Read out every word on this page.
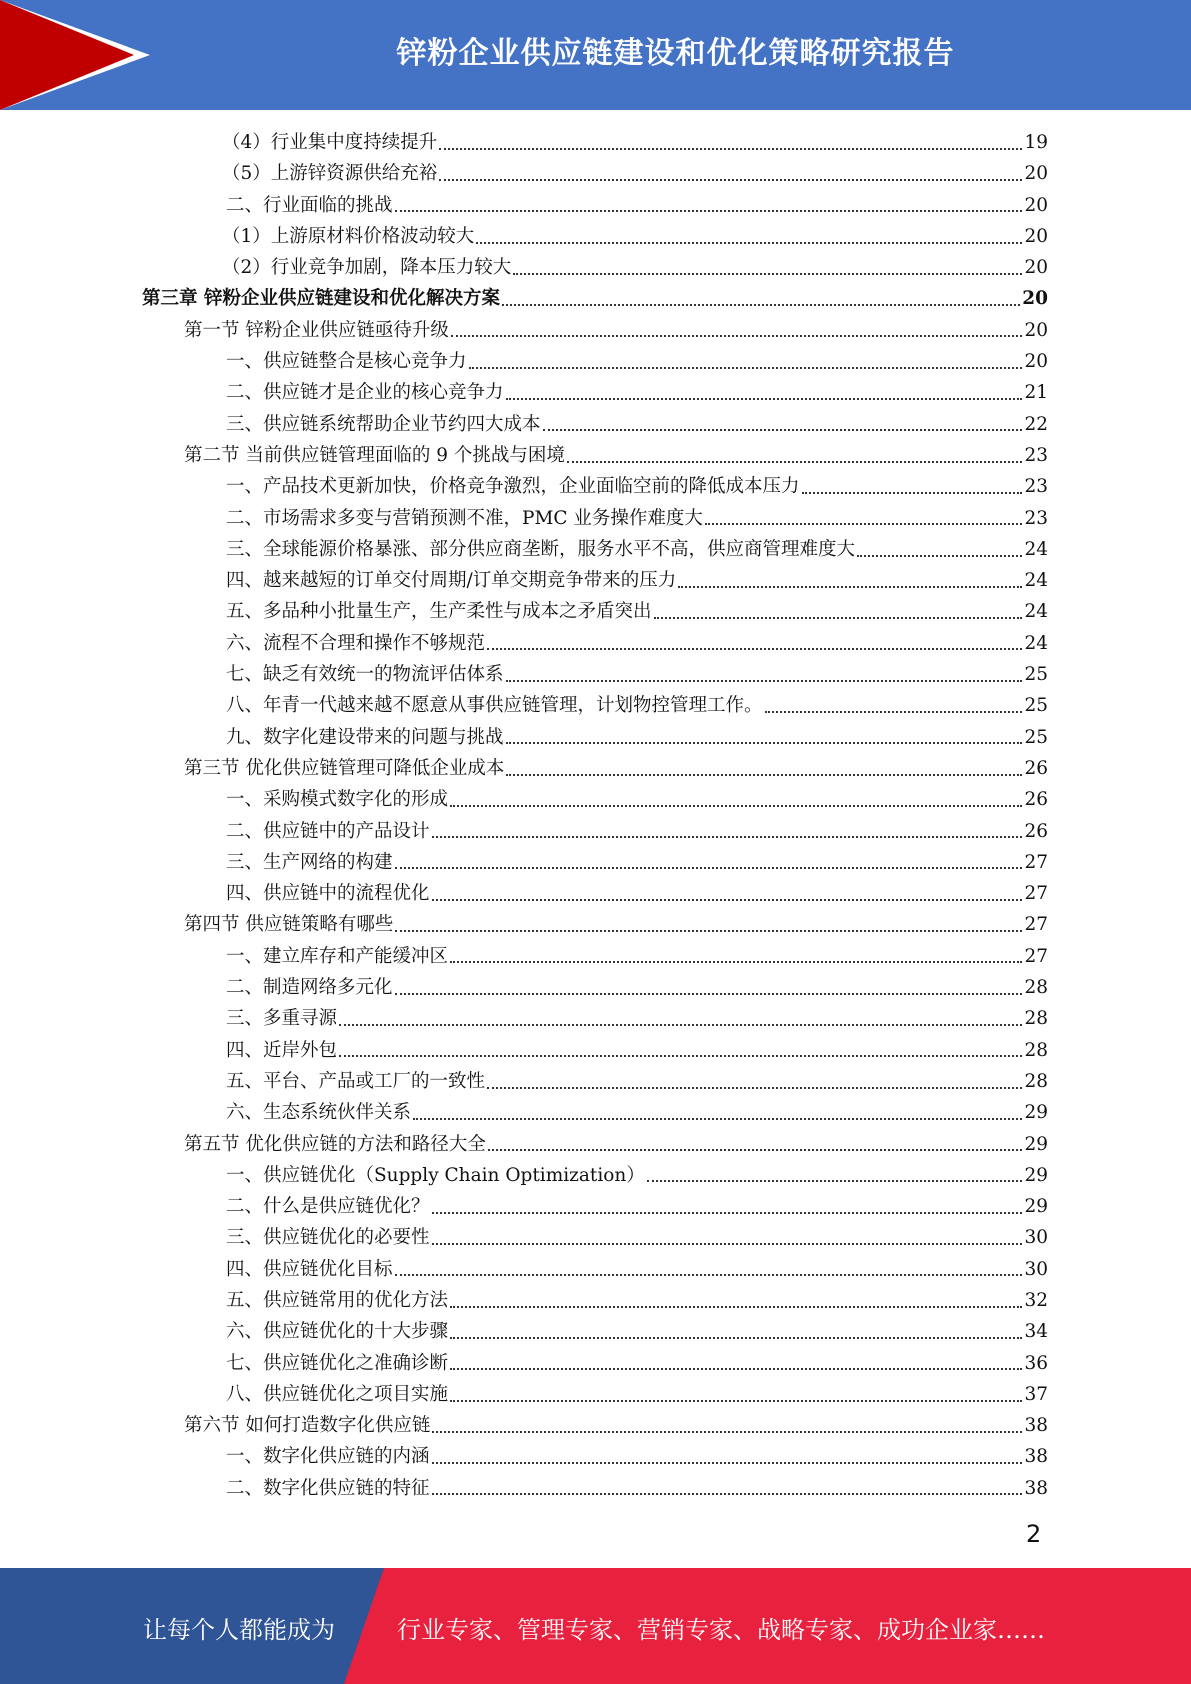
锌粉企业供应链建设和优化策略研究报告
（4）行业集中度持续提升	19
（5）上游锌资源供给充裕	20
二、行业面临的挑战	20
（1）上游原材料价格波动较大	20
（2）行业竞争加剧，降本压力较大	20
第三章 锌粉企业供应链建设和优化解决方案	20
第一节 锌粉企业供应链亟待升级	20
一、供应链整合是核心竞争力	20
二、供应链才是企业的核心竞争力	21
三、供应链系统帮助企业节约四大成本	22
第二节 当前供应链管理面临的 9 个挑战与困境	23
一、产品技术更新加快，价格竞争激烈，企业面临空前的降低成本压力	23
二、市场需求多变与营销预测不准，PMC 业务操作难度大	23
三、全球能源价格暴涨、部分供应商垄断，服务水平不高，供应商管理难度大	24
四、越来越短的订单交付周期/订单交期竞争带来的压力	24
五、多品种小批量生产，生产柔性与成本之矛盾突出	24
六、流程不合理和操作不够规范	24
七、缺乏有效统一的物流评估体系	25
八、年青一代越来越不愿意从事供应链管理，计划物控管理工作。	25
九、数字化建设带来的问题与挑战	25
第三节 优化供应链管理可降低企业成本	26
一、采购模式数字化的形成	26
二、供应链中的产品设计	26
三、生产网络的构建	27
四、供应链中的流程优化	27
第四节 供应链策略有哪些	27
一、建立库存和产能缓冲区	27
二、制造网络多元化	28
三、多重寻源	28
四、近岸外包	28
五、平台、产品或工厂的一致性	28
六、生态系统伙伴关系	29
第五节 优化供应链的方法和路径大全	29
一、供应链优化（Supply Chain Optimization）	29
二、什么是供应链优化？	29
三、供应链优化的必要性	30
四、供应链优化目标	30
五、供应链常用的优化方法	32
六、供应链优化的十大步骤	34
七、供应链优化之准确诊断	36
八、供应链优化之项目实施	37
第六节 如何打造数字化供应链	38
一、数字化供应链的内涵	38
二、数字化供应链的特征	38
2
让每个人都能成为	行业专家、管理专家、营销专家、战略专家、成功企业家……
